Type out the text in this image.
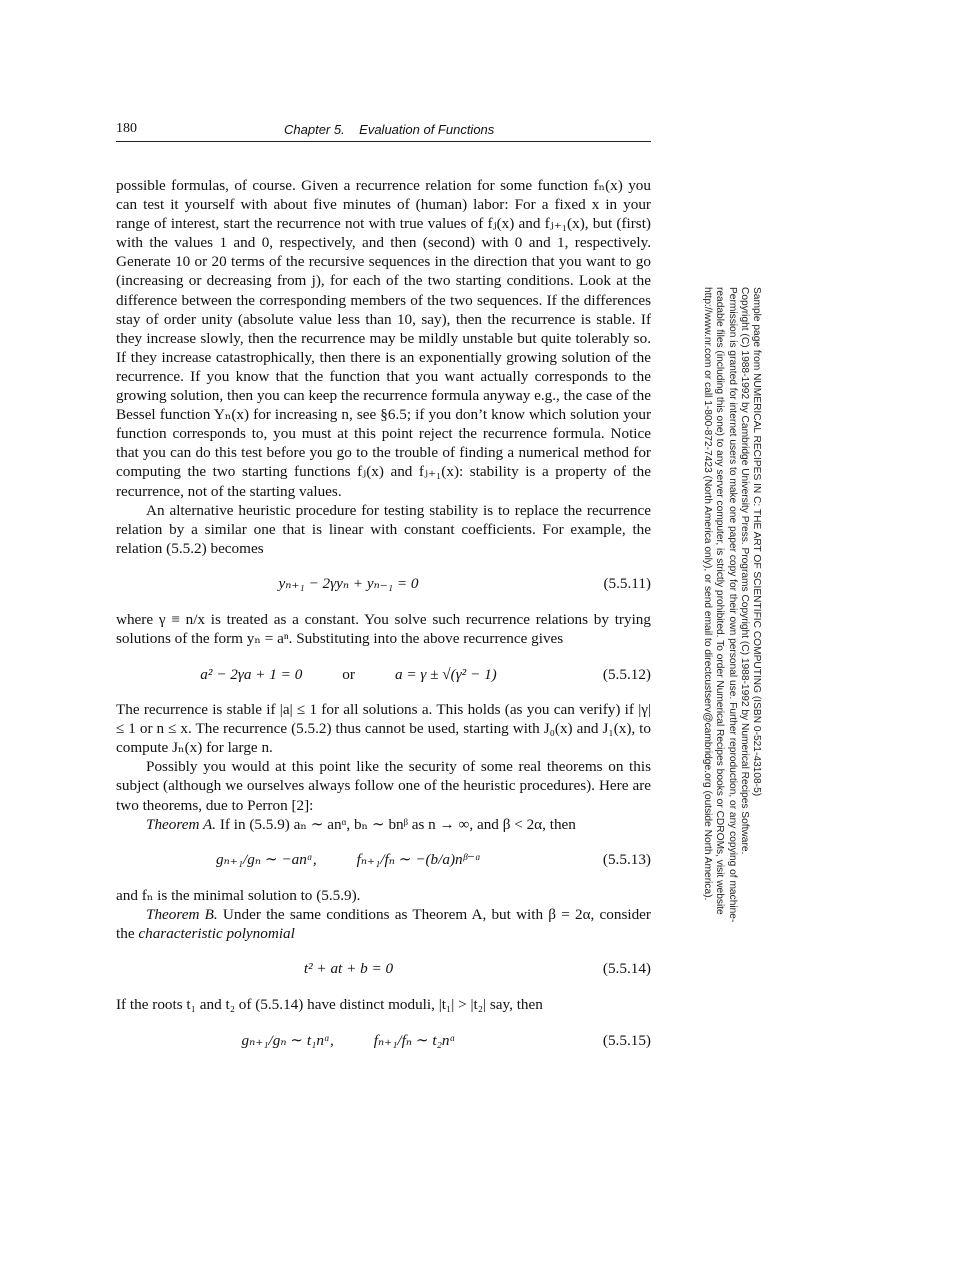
180	Chapter 5.    Evaluation of Functions

possible formulas, of course. Given a recurrence relation for some function fₙ(x) you can test it yourself with about five minutes of (human) labor: For a fixed x in your range of interest, start the recurrence not with true values of fⱼ(x) and fⱼ₊₁(x), but (first) with the values 1 and 0, respectively, and then (second) with 0 and 1, respectively. Generate 10 or 20 terms of the recursive sequences in the direction that you want to go (increasing or decreasing from j), for each of the two starting conditions. Look at the difference between the corresponding members of the two sequences. If the differences stay of order unity (absolute value less than 10, say), then the recurrence is stable. If they increase slowly, then the recurrence may be mildly unstable but quite tolerably so. If they increase catastrophically, then there is an exponentially growing solution of the recurrence. If you know that the function that you want actually corresponds to the growing solution, then you can keep the recurrence formula anyway e.g., the case of the Bessel function Yₙ(x) for increasing n, see §6.5; if you don’t know which solution your function corresponds to, you must at this point reject the recurrence formula. Notice that you can do this test before you go to the trouble of finding a numerical method for computing the two starting functions fⱼ(x) and fⱼ₊₁(x): stability is a property of the recurrence, not of the starting values.

An alternative heuristic procedure for testing stability is to replace the recurrence relation by a similar one that is linear with constant coefficients. For example, the relation (5.5.2) becomes

yₙ₊₁ − 2γyₙ + yₙ₋₁ = 0	(5.5.11)

where γ ≡ n/x is treated as a constant. You solve such recurrence relations by trying solutions of the form yₙ = aⁿ. Substituting into the above recurrence gives

a² − 2γa + 1 = 0	or	a = γ ± √(γ² − 1)	(5.5.12)

The recurrence is stable if |a| ≤ 1 for all solutions a. This holds (as you can verify) if |γ| ≤ 1 or n ≤ x. The recurrence (5.5.2) thus cannot be used, starting with J₀(x) and J₁(x), to compute Jₙ(x) for large n.

Possibly you would at this point like the security of some real theorems on this subject (although we ourselves always follow one of the heuristic procedures). Here are two theorems, due to Perron [2]:

Theorem A. If in (5.5.9) aₙ ∼ anᵅ, bₙ ∼ bnᵝ as n → ∞, and β < 2α, then

gₙ₊₁/gₙ ∼ −anᵅ,	fₙ₊₁/fₙ ∼ −(b/a)nᵝ⁻ᵅ	(5.5.13)

and fₙ is the minimal solution to (5.5.9).

Theorem B. Under the same conditions as Theorem A, but with β = 2α, consider the characteristic polynomial

t² + at + b = 0	(5.5.14)

If the roots t₁ and t₂ of (5.5.14) have distinct moduli, |t₁| > |t₂| say, then

gₙ₊₁/gₙ ∼ t₁nᵅ,	fₙ₊₁/fₙ ∼ t₂nᵅ	(5.5.15)
Sample page from NUMERICAL RECIPES IN C: THE ART OF SCIENTIFIC COMPUTING (ISBN 0-521-43108-5)
Copyright (C) 1988-1992 by Cambridge University Press. Programs Copyright (C) 1988-1992 by Numerical Recipes Software.
Permission is granted for internet users to make one paper copy for their own personal use. Further reproduction, or any copying of machine-
readable files (including this one) to any server computer, is strictly prohibited. To order Numerical Recipes books or CDROMs, visit website
http://www.nr.com or call 1-800-872-7423 (North America only), or send email to directcustserv@cambridge.org (outside North America).
